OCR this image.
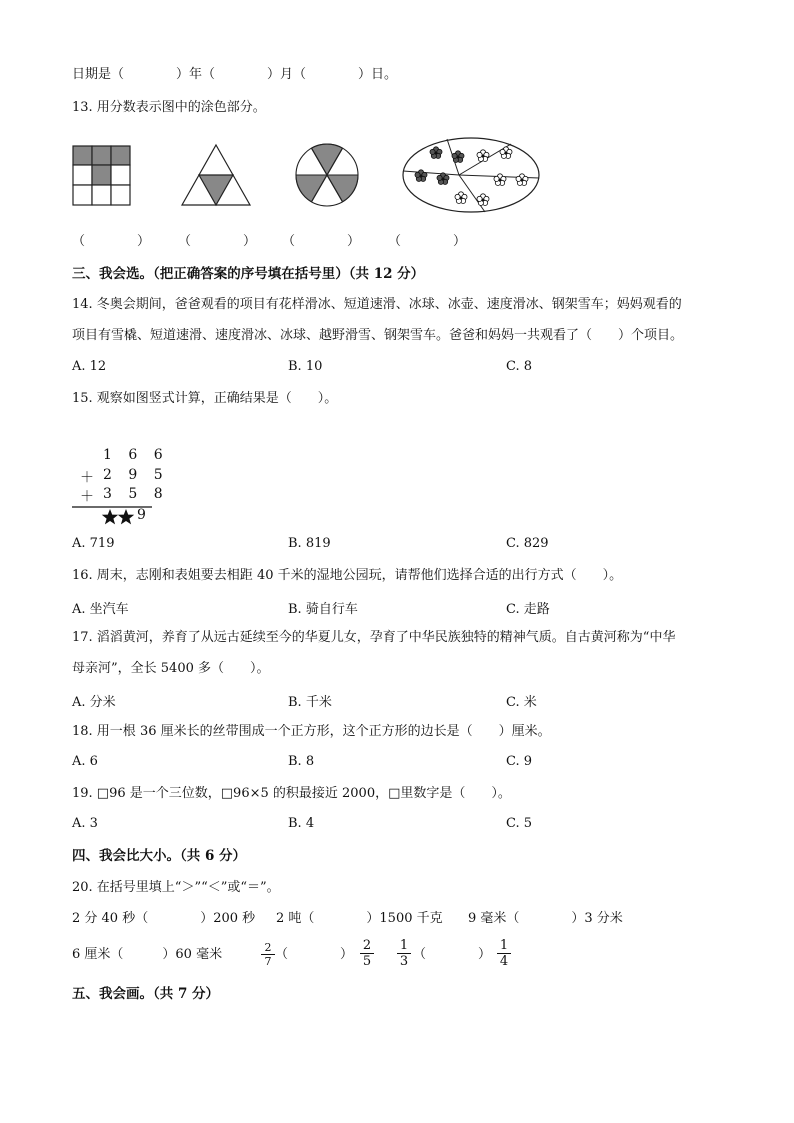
日期是（　　　　）年（　　　　）月（　　　　）日。
13. 用分数表示图中的涂色部分。
（　　　　） （　　　　） （　　　　） （　　　　）
三、我会选。（把正确答案的序号填在括号里）（共 12 分）
14. 冬奥会期间，爸爸观看的项目有花样滑冰、短道速滑、冰球、冰壶、速度滑冰、钢架雪车；妈妈观看的
项目有雪橇、短道速滑、速度滑冰、冰球、越野滑雪、钢架雪车。爸爸和妈妈一共观看了（　　）个项目。
A. 12	B. 10	C. 8
15. 观察如图竖式计算，正确结果是（　　）。
1 6 6
＋ 2 9 5
＋ 3 5 8
9
A. 719	B. 819	C. 829
16. 周末，志刚和表姐要去相距 40 千米的湿地公园玩，请帮他们选择合适的出行方式（　　）。
A. 坐汽车	B. 骑自行车	C. 走路
17. 滔滔黄河，养育了从远古延续至今的华夏儿女，孕育了中华民族独特的精神气质。自古黄河称为“中华
母亲河”，全长 5400 多（　　）。
A. 分米	B. 千米	C. 米
18. 用一根 36 厘米长的丝带围成一个正方形，这个正方形的边长是（　　）厘米。
A. 6	B. 8	C. 9
19. □96 是一个三位数，□96×5 的积最接近 2000，□里数字是（　　）。
A. 3	B. 4	C. 5
四、我会比大小。（共 6 分）
20. 在括号里填上“＞”“＜”或“＝”。
2 分 40 秒（　　　　）200 秒 2 吨（　　　　）1500 千克 9 毫米（　　　　）3 分米
6 厘米（　　　）60 毫米	$\frac{2}{7}$ （　　　　） $\frac{2}{5} \frac{1}{3}$ （　　　　） $\frac{1}{4}$
五、我会画。（共 7 分）
